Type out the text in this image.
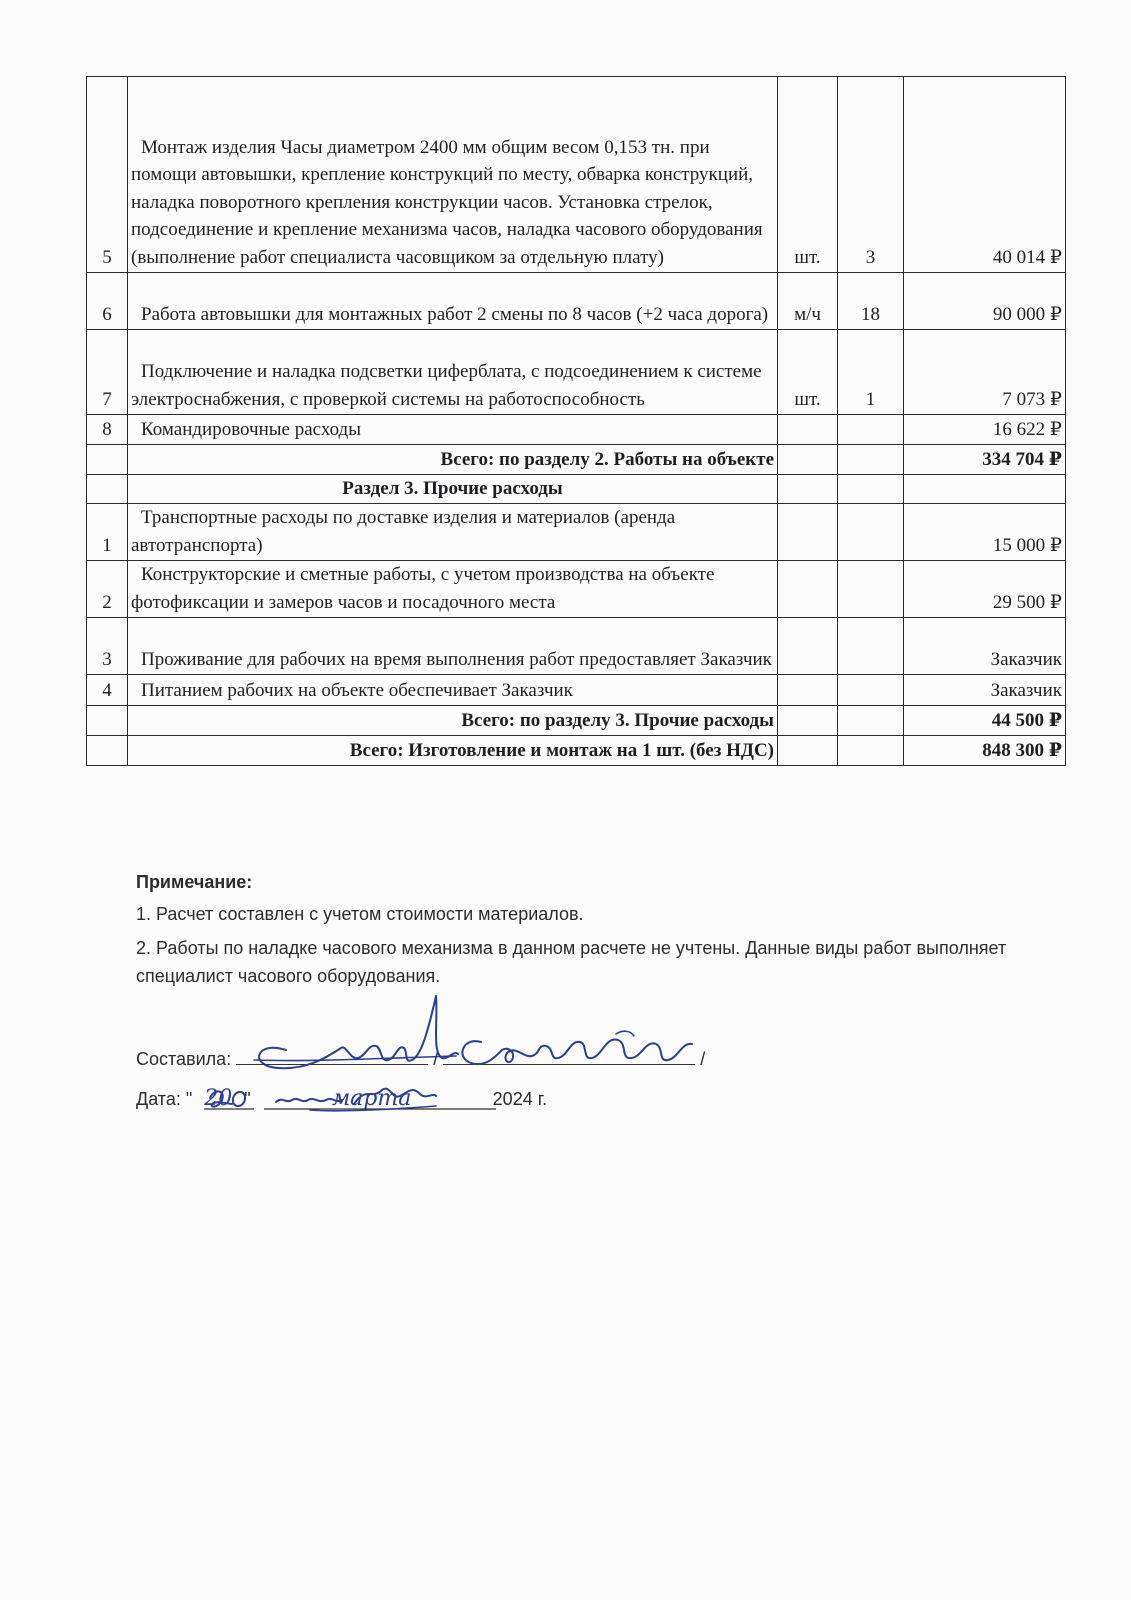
5	Монтаж изделия Часы диаметром 2400 мм общим весом 0,153 тн. при помощи автовышки, крепление конструкций по месту, обварка конструкций, наладка поворотного крепления конструкции часов. Установка стрелок, подсоединение и крепление механизма часов, наладка часового оборудования (выполнение работ специалиста часовщиком за отдельную плату)	шт.	3	40 014 ₽
6	Работа автовышки для монтажных работ 2 смены по 8 часов (+2 часа дорога)	м/ч	18	90 000 ₽
7	Подключение и наладка подсветки циферблата, с подсоединением к системе электроснабжения, с проверкой системы на работоспособность	шт.	1	7 073 ₽
8	Командировочные расходы			16 622 ₽
	Всего: по разделу 2. Работы на объекте			334 704 ₽
	Раздел 3. Прочие расходы			
1	Транспортные расходы по доставке изделия и материалов (аренда автотранспорта)			15 000 ₽
2	Конструкторские и сметные работы, с учетом производства на объекте фотофиксации и замеров часов и посадочного места			29 500 ₽
3	Проживание для рабочих на время выполнения работ предоставляет Заказчик			Заказчик
4	Питанием рабочих на объекте обеспечивает Заказчик			Заказчик
	Всего: по разделу 3. Прочие расходы			44 500 ₽
	Всего: Изготовление и монтаж на 1 шт. (без НДС)			848 300 ₽
Примечание:

1. Расчет составлен с учетом стоимости материалов.

2. Работы по наладке часового механизма в данном расчете не учтены. Данные виды работ выполняет специалист часового оборудования.

Составила:	/	/
Дата: " 20 "	марта	2024 г.
